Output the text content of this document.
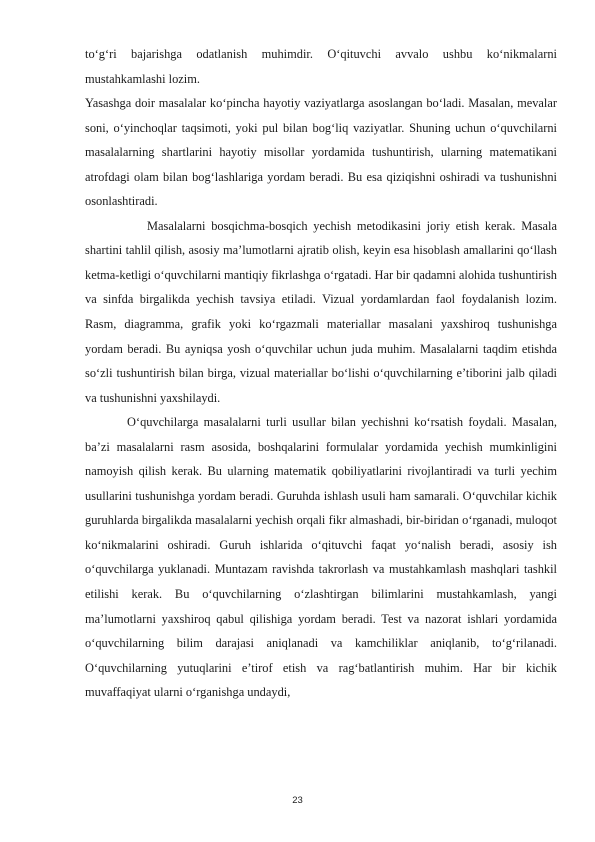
to‘g‘ri bajarishga odatlanish muhimdir. O‘qituvchi avvalo ushbu ko‘nikmalarni mustahkamlashi lozim.

Yasashga doir masalalar ko‘pincha hayotiy vaziyatlarga asoslangan bo‘ladi. Masalan, mevalar soni, o‘yinchoqlar taqsimoti, yoki pul bilan bog‘liq vaziyatlar. Shuning uchun o‘quvchilarni masalalarning shartlarini hayotiy misollar yordamida tushuntirish, ularning matematikani atrofdagi olam bilan bog‘lashlariga yordam beradi. Bu esa qiziqishni oshiradi va tushunishni osonlashtiradi.

Masalalarni bosqichma-bosqich yechish metodikasini joriy etish kerak. Masala shartini tahlil qilish, asosiy ma’lumotlarni ajratib olish, keyin esa hisoblash amallarini qo‘llash ketma-ketligi o‘quvchilarni mantiqiy fikrlashga o‘rgatadi. Har bir qadamni alohida tushuntirish va sinfda birgalikda yechish tavsiya etiladi. Vizual yordamlardan faol foydalanish lozim. Rasm, diagramma, grafik yoki ko‘rgazmali materiallar masalani yaxshiroq tushunishga yordam beradi. Bu ayniqsa yosh o‘quvchilar uchun juda muhim. Masalalarni taqdim etishda so‘zli tushuntirish bilan birga, vizual materiallar bo‘lishi o‘quvchilarning e’tiborini jalb qiladi va tushunishni yaxshilaydi.

O‘quvchilarga masalalarni turli usullar bilan yechishni ko‘rsatish foydali. Masalan, ba’zi masalalarni rasm asosida, boshqalarini formulalar yordamida yechish mumkinligini namoyish qilish kerak. Bu ularning matematik qobiliyatlarini rivojlantiradi va turli yechim usullarini tushunishga yordam beradi. Guruhda ishlash usuli ham samarali. O‘quvchilar kichik guruhlarda birgalikda masalalarni yechish orqali fikr almashadi, bir-biridan o‘rganadi, muloqot ko‘nikmalarini oshiradi. Guruh ishlarida o‘qituvchi faqat yo‘nalish beradi, asosiy ish o‘quvchilarga yuklanadi. Muntazam ravishda takrorlash va mustahkamlash mashqlari tashkil etilishi kerak. Bu o‘quvchilarning o‘zlashtirgan bilimlarini mustahkamlash, yangi ma’lumotlarni yaxshiroq qabul qilishiga yordam beradi. Test va nazorat ishlari yordamida o‘quvchilarning bilim darajasi aniqlanadi va kamchiliklar aniqlanib, to‘g‘rilanadi. O‘quvchilarning yutuqlarini e’tirof etish va rag‘batlantirish muhim. Har bir kichik muvaffaqiyat ularni o‘rganishga undaydi,

23
